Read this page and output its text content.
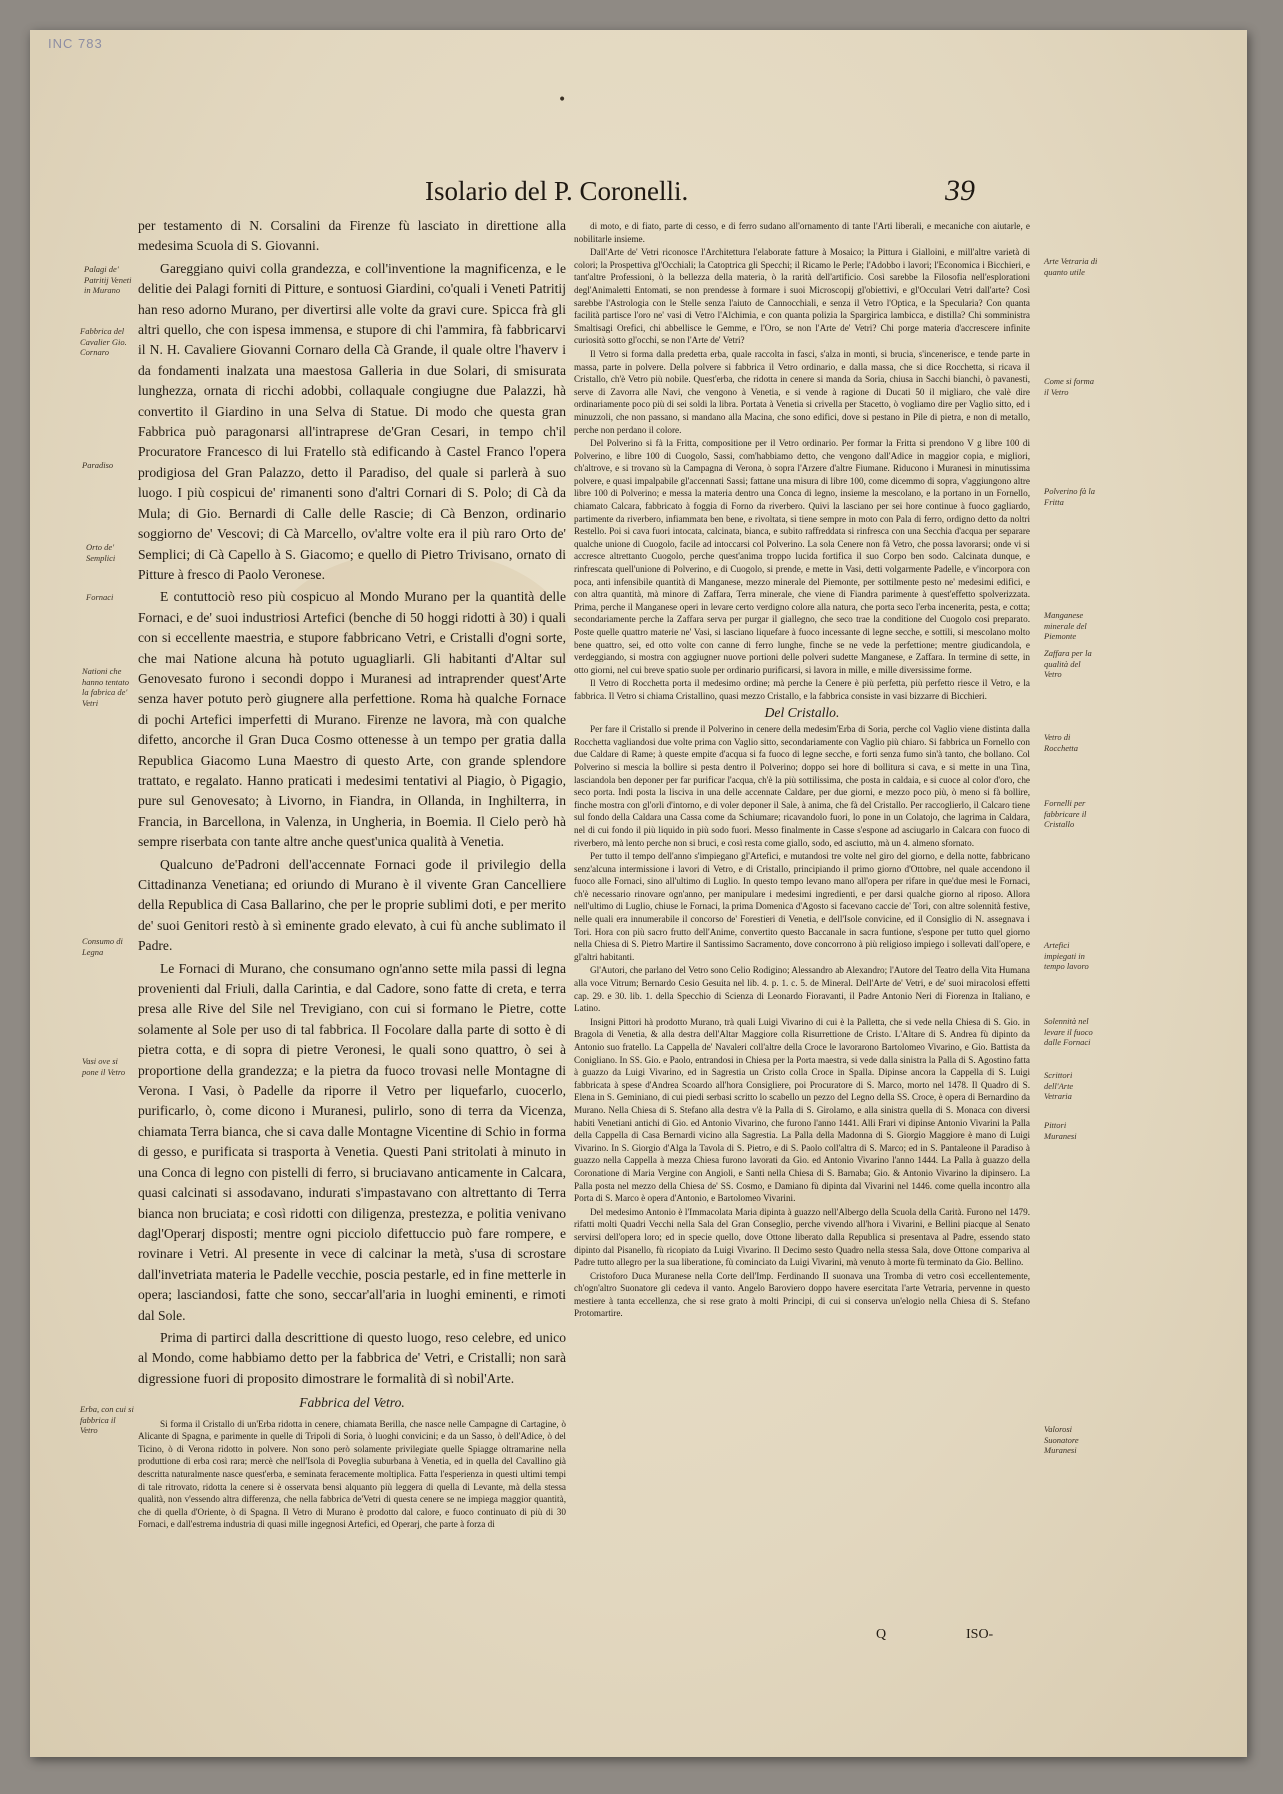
INC 783
•
Isolario del P. Coronelli.	39

per testamento di N. Corsalini da Firenze fù lasciato in direttione alla medesima Scuola di S. Giovanni.

Gareggiano quivi colla grandezza, e coll'inventione la magnificenza, e le delitie dei Palagi forniti di Pitture, e sontuosi Giardini, co'quali i Veneti Patritij han reso adorno Murano, per divertirsi alle volte da gravi cure. Spicca frà gli altri quello, che con ispesa immensa, e stupore di chi l'ammira, fà fabbricarvi il N. H. Cavaliere Giovanni Cornaro della Cà Grande, il quale oltre l'haverv i da fondamenti inalzata una maestosa Galleria in due Solari, di smisurata lunghezza, ornata di ricchi adobbi, collaquale congiugne due Palazzi, hà convertito il Giardino in una Selva di Statue. Di modo che questa gran Fabbrica può paragonarsi all'intraprese de'Gran Cesari, in tempo ch'il Procuratore Francesco di lui Fratello stà edificando à Castel Franco l'opera prodigiosa del Gran Palazzo, detto il Paradiso, del quale si parlerà à suo luogo. I più cospicui de' rimanenti sono d'altri Cornari di S. Polo; di Cà da Mula; di Gio. Bernardi di Calle delle Rascie; di Cà Benzon, ordinario soggiorno de' Vescovi; di Cà Marcello, ov'altre volte era il più raro Orto de' Semplici; di Cà Capello à S. Giacomo; e quello di Pietro Trivisano, ornato di Pitture à fresco di Paolo Veronese.

E contuttociò reso più cospicuo al Mondo Murano per la quantità delle Fornaci, e de' suoi industriosi Artefici (benche di 50 hoggi ridotti à 30) i quali con si eccellente maestria, e stupore fabbricano Vetri, e Cristalli d'ogni sorte, che mai Natione alcuna hà potuto uguagliarli. Gli habitanti d'Altar sul Genovesato furono i secondi doppo i Muranesi ad intraprender quest'Arte senza haver potuto però giugnere alla perfettione. Roma hà qualche Fornace di pochi Artefici imperfetti di Murano. Firenze ne lavora, mà con qualche difetto, ancorche il Gran Duca Cosmo ottenesse à un tempo per gratia dalla Republica Giacomo Luna Maestro di questo Arte, con grande splendore trattato, e regalato. Hanno praticati i medesimi tentativi al Piagio, ò Pigagio, pure sul Genovesato; à Livorno, in Fiandra, in Ollanda, in Inghilterra, in Francia, in Barcellona, in Valenza, in Ungheria, in Boemia. Il Cielo però hà sempre riserbata con tante altre anche quest'unica qualità à Venetia.

Qualcuno de'Padroni dell'accennate Fornaci gode il privilegio della Cittadinanza Venetiana; ed oriundo di Murano è il vivente Gran Cancelliere della Republica di Casa Ballarino, che per le proprie sublimi doti, e per merito de' suoi Genitori restò à sì eminente grado elevato, à cui fù anche sublimato il Padre.

Le Fornaci di Murano, che consumano ogn'anno sette mila passi di legna provenienti dal Friuli, dalla Carintia, e dal Cadore, sono fatte di creta, e terra presa alle Rive del Sile nel Trevigiano, con cui si formano le Pietre, cotte solamente al Sole per uso di tal fabbrica. Il Focolare dalla parte di sotto è di pietra cotta, e di sopra di pietre Veronesi, le quali sono quattro, ò sei à proportione della grandezza; e la pietra da fuoco trovasi nelle Montagne di Verona. I Vasi, ò Padelle da riporre il Vetro per liquefarlo, cuocerlo, purificarlo, ò, come dicono i Muranesi, pulirlo, sono di terra da Vicenza, chiamata Terra bianca, che si cava dalle Montagne Vicentine di Schio in forma di gesso, e purificata si trasporta à Venetia. Questi Pani stritolati à minuto in una Conca di legno con pistelli di ferro, si bruciavano anticamente in Calcara, quasi calcinati si assodavano, indurati s'impastavano con altrettanto di Terra bianca non bruciata; e così ridotti con diligenza, prestezza, e politia venivano dagl'Operarj disposti; mentre ogni picciolo difettuccio può fare rompere, e rovinare i Vetri. Al presente in vece di calcinar la metà, s'usa di scrostare dall'invetriata materia le Padelle vecchie, poscia pestarle, ed in fine metterle in opera; lasciandosi, fatte che sono, seccar'all'aria in luoghi eminenti, e rimoti dal Sole.

Prima di partirci dalla descrittione di questo luogo, reso celebre, ed unico al Mondo, come habbiamo detto per la fabbrica de' Vetri, e Cristalli; non sarà digressione fuori di proposito dimostrare le formalità di sì nobil'Arte.

Fabbrica del Vetro.

Si forma il Cristallo di un'Erba ridotta in cenere, chiamata Berilla, che nasce nelle Campagne di Cartagine, ò Alicante di Spagna, e parimente in quelle di Tripoli di Soria, ò luoghi convicini; e da un Sasso, ò dell'Adice, ò del Ticino, ò di Verona ridotto in polvere. Non sono però solamente privilegiate quelle Spiagge oltramarine nella produttione di erba così rara; mercè che nell'Isola di Poveglia suburbana à Venetia, ed in quella del Cavallino già descritta naturalmente nasce quest'erba, e seminata feracemente moltiplica. Fatta l'esperienza in questi ultimi tempi di tale ritrovato, ridotta la cenere si è osservata bensì alquanto più leggera di quella di Levante, mà della stessa qualità, non v'essendo altra differenza, che nella fabbrica de'Vetri di questa cenere se ne impiega maggior quantità, che di quella d'Oriente, ò di Spagna. Il Vetro di Murano è prodotto dal calore, e fuoco continuato di più di 30 Fornaci, e dall'estrema industria di quasi mille ingegnosi Artefici, ed Operarj, che parte à forza di

di moto, e di fiato, parte di cesso, e di ferro sudano all'ornamento di tante l'Arti liberali, e mecaniche con aiutarle, e nobilitarle insieme.

Dall'Arte de' Vetri riconosce l'Architettura l'elaborate fatture à Mosaico; la Pittura i Gialloini, e mill'altre varietà di colori; la Prospettiva gl'Occhiali; la Catoptrica gli Specchi; il Ricamo le Perle; l'Adobbo i lavori; l'Economica i Bicchieri, e tant'altre Professioni, ò la bellezza della materia, ò la rarità dell'artificio. Così sarebbe la Filosofia nell'esplorationi degl'Animaletti Entomati, se non prendesse à formare i suoi Microscopij gl'obiettivi, e gl'Occulari Vetri dall'arte? Così sarebbe l'Astrologia con le Stelle senza l'aiuto de Cannocchiali, e senza il Vetro l'Optica, e la Specularia? Con quanta facilità partisce l'oro ne' vasi di Vetro l'Alchimia, e con quanta polizia la Spargirica lambicca, e distilla? Chi somministra Smaltisagi Orefici, chi abbellisce le Gemme, e l'Oro, se non l'Arte de' Vetri? Chi porge materia d'accrescere infinite curiosità sotto gl'occhi, se non l'Arte de' Vetri?

Il Vetro si forma dalla predetta erba, quale raccolta in fasci, s'alza in monti, si brucia, s'incenerisce, e tende parte in massa, parte in polvere. Della polvere si fabbrica il Vetro ordinario, e dalla massa, che si dice Rocchetta, si ricava il Cristallo, ch'è Vetro più nobile. Quest'erba, che ridotta in cenere si manda da Soria, chiusa in Sacchi bianchi, ò pavanesti, serve di Zavorra alle Navi, che vengono à Venetia, e si vende à ragione di Ducati 50 il migliaro, che valè dire ordinariamente poco più di sei soldi la libra. Portata à Venetia si crivella per Stacetto, ò vogliamo dire per Vaglio sitto, ed i minuzzoli, che non passano, si mandano alla Macina, che sono edifici, dove si pestano in Pile di pietra, e non di metallo, perche non perdano il colore.

Del Polverino si fà la Fritta, compositione per il Vetro ordinario. Per formar la Fritta si prendono V g libre 100 di Polverino, e libre 100 di Cuogolo, Sassi, com'habbiamo detto, che vengono dall'Adice in maggior copia, e migliori, ch'altrove, e si trovano sù la Campagna di Verona, ò sopra l'Arzere d'altre Fiumane. Riducono i Muranesi in minutissima polvere, e quasi impalpabile gl'accennati Sassi; fattane una misura di libre 100, come dicemmo di sopra, v'aggiungono altre libre 100 di Polverino; e messa la materia dentro una Conca di legno, insieme la mescolano, e la portano in un Fornello, chiamato Calcara, fabbricato à foggia di Forno da riverbero. Quivi la lasciano per sei hore continue à fuoco gagliardo, partimente da riverbero, infiammata ben bene, e rivoltata, si tiene sempre in moto con Pala di ferro, ordigno detto da noltri Restello. Poi si cava fuori intocata, calcinata, bianca, e subito raffreddata si rinfresca con una Secchia d'acqua per separare qualche unione di Cuogolo, facile ad intoccarsi col Polverino. La sola Cenere non fà Vetro, che possa lavorarsi; onde vi si accresce altrettanto Cuogolo, perche quest'anima troppo lucida fortifica il suo Corpo ben sodo. Calcinata dunque, e rinfrescata quell'unione di Polverino, e di Cuogolo, si prende, e mette in Vasi, detti volgarmente Padelle, e v'incorpora con poca, anti infensibile quantità di Manganese, mezzo minerale del Piemonte, per sottilmente pesto ne' medesimi edifici, e con altra quantità, mà minore di Zaffara, Terra minerale, che viene di Fiandra parimente à quest'effetto spolverizzata. Prima, perche il Manganese operi in levare certo verdigno colore alla natura, che porta seco l'erba incenerita, pesta, e cotta; secondariamente perche la Zaffara serva per purgar il giallegno, che seco trae la conditione del Cuogolo cosi preparato. Poste quelle quattro materie ne' Vasi, si lasciano liquefare à fuoco incessante di legne secche, e sottili, si mescolano molto bene quattro, sei, ed otto volte con canne di ferro lunghe, finche se ne vede la perfettione; mentre giudicandola, e verdeggiando, si mostra con aggiugner nuove portioni delle polveri sudette Manganese, e Zaffara. In termine di sette, in otto giorni, nel cui breve spatio suole per ordinario purificarsi, si lavora in mille, e mille diversissime forme.

Il Vetro di Rocchetta porta il medesimo ordine; mà perche la Cenere è più perfetta, più perfetto riesce il Vetro, e la fabbrica. Il Vetro si chiama Cristallino, quasi mezzo Cristallo, e la fabbrica consiste in vasi bizzarre di Bicchieri.

Del Cristallo.

Per fare il Cristallo si prende il Polverino in cenere della medesim'Erba di Soria, perche col Vaglio viene distinta dalla Rocchetta vagliandosi due volte prima con Vaglio sitto, secondariamente con Vaglio più chiaro. Si fabbrica un Fornello con due Caldare di Rame; à queste empite d'acqua si fa fuoco di legne secche, e forti senza fumo sin'à tanto, che bollano. Col Polverino si mescia la bollire si pesta dentro il Polverino; doppo sei hore di bollitura si cava, e si mette in una Tina, lasciandola ben deponer per far purificar l'acqua, ch'è la più sottilissima, che posta in caldaia, e si cuoce al color d'oro, che seco porta. Indi posta la lisciva in una delle accennate Caldare, per due giorni, e mezzo poco più, ò meno si fà bollire, finche mostra con gl'orli d'intorno, e di voler deponer il Sale, à anima, che fà del Cristallo. Per raccoglierlo, il Calcaro tiene sul fondo della Caldara una Cassa come da Schiumare; ricavandolo fuori, lo pone in un Colatojo, che lagrima in Caldara, nel di cui fondo il più liquido in più sodo fuori. Messo finalmente in Casse s'espone ad asciugarlo in Calcara con fuoco di riverbero, mà lento perche non si bruci, e così resta come giallo, sodo, ed asciutto, mà un 4. almeno sfornato.

Per tutto il tempo dell'anno s'impiegano gl'Artefici, e mutandosi tre volte nel giro del giorno, e della notte, fabbricano senz'alcuna intermissione i lavori di Vetro, e di Cristallo, principiando il primo giorno d'Ottobre, nel quale accendono il fuoco alle Fornaci, sino all'ultimo di Luglio. In questo tempo levano mano all'opera per rifare in que'due mesi le Fornaci, ch'è necessario rinovare ogn'anno, per manipulare i medesimi ingredienti, e per darsi qualche giorno al riposo. Allora nell'ultimo di Luglio, chiuse le Fornaci, la prima Domenica d'Agosto si facevano caccie de' Tori, con altre solennità festive, nelle quali era innumerabile il concorso de' Forestieri di Venetia, e dell'Isole convicine, ed il Consiglio di N. assegnava i Tori. Hora con più sacro frutto dell'Anime, convertito questo Baccanale in sacra funtione, s'espone per tutto quel giorno nella Chiesa di S. Pietro Martire il Santissimo Sacramento, dove concorrono à più religioso impiego i sollevati dall'opere, e gl'altri habitanti.

Gl'Autori, che parlano del Vetro sono Celio Rodigino; Alessandro ab Alexandro; l'Autore del Teatro della Vita Humana alla voce Vitrum; Bernardo Cesio Gesuita nel lib. 4. p. 1. c. 5. de Mineral. Dell'Arte de' Vetri, e de' suoi miracolosi effetti cap. 29. e 30. lib. 1. della Specchio di Scienza di Leonardo Fioravanti, il Padre Antonio Neri di Fiorenza in Italiano, e Latino.

Insigni Pittori hà prodotto Murano, trà quali Luigi Vivarino di cui è la Palletta, che si vede nella Chiesa di S. Gio. in Bragola di Venetia, & alla destra dell'Altar Maggiore colla Risurrettione de Cristo. L'Altare di S. Andrea fù dipinto da Antonio suo fratello. La Cappella de' Navaleri coll'altre della Croce le lavorarono Bartolomeo Vivarino, e Gio. Battista da Conigliano. In SS. Gio. e Paolo, entrandosi in Chiesa per la Porta maestra, si vede dalla sinistra la Palla di S. Agostino fatta à guazzo da Luigi Vivarino, ed in Sagrestia un Cristo colla Croce in Spalla. Dipinse ancora la Cappella di S. Luigi fabbricata à spese d'Andrea Scoardo all'hora Consigliere, poi Procuratore di S. Marco, morto nel 1478. Il Quadro di S. Elena in S. Geminiano, di cui piedi serbasi scritto lo scabello un pezzo del Legno della SS. Croce, è opera di Bernardino da Murano. Nella Chiesa di S. Stefano alla destra v'è la Palla di S. Girolamo, e alla sinistra quella di S. Monaca con diversi habiti Venetiani antichi di Gio. ed Antonio Vivarino, che furono l'anno 1441. Alli Frari vi dipinse Antonio Vivarini la Palla della Cappella di Casa Bernardi vicino alla Sagrestia. La Palla della Madonna di S. Giorgio Maggiore è mano di Luigi Vivarino. In S. Giorgio d'Alga la Tavola di S. Pietro, e di S. Paolo coll'altra di S. Marco; ed in S. Pantaleone il Paradiso à guazzo nella Cappella à mezza Chiesa furono lavorati da Gio. ed Antonio Vivarino l'anno 1444. La Palla à guazzo della Coronatione di Maria Vergine con Angioli, e Santi nella Chiesa di S. Barnaba; Gio. & Antonio Vivarino la dipinsero. La Palla posta nel mezzo della Chiesa de' SS. Cosmo, e Damiano fù dipinta dal Vivarini nel 1446. come quella incontro alla Porta di S. Marco è opera d'Antonio, e Bartolomeo Vivarini.

Del medesimo Antonio è l'Immacolata Maria dipinta à guazzo nell'Albergo della Scuola della Carità. Furono nel 1479. rifatti molti Quadri Vecchi nella Sala del Gran Conseglio, perche vivendo all'hora i Vivarini, e Bellini piacque al Senato servirsi dell'opera loro; ed in specie quello, dove Ottone liberato dalla Republica si presentava al Padre, essendo stato dipinto dal Pisanello, fù ricopiato da Luigi Vivarino. Il Decimo sesto Quadro nella stessa Sala, dove Ottone compariva al Padre tutto allegro per la sua liberatione, fù cominciato da Luigi Vivarini, mà venuto à morte fù terminato da Gio. Bellino.

Cristoforo Duca Muranese nella Corte dell'Imp. Ferdinando II suonava una Tromba di vetro così eccellentemente, ch'ogn'altro Suonatore gli cedeva il vanto. Angelo Baroviero doppo havere esercitata l'arte Vetraria, pervenne in questo mestiere à tanta eccellenza, che si rese grato à molti Principi, di cui si conserva un'elogio nella Chiesa di S. Stefano Protomartire.

Q	ISO-
Palagi de' Patritij Veneti in Murano
Fabbrica del Cavalier Gio. Cornaro
Paradiso
Orto de' Semplici
Fornaci
Nationi che hanno tentato la fabrica de' Vetri
Consumo di Legna
Vasi ove si pone il Vetro
Erba, con cui si fabbrica il Vetro
Arte Vetraria di quanto utile
Come si forma il Vetro
Polverino fà la Fritta
Manganese minerale del Piemonte
Zaffara per la qualità del Vetro
Vetro di Rocchetta
Fornelli per fabbricare il Cristallo
Artefici impiegati in tempo lavoro
Solennità nel levare il fuoco dalle Fornaci
Scrittori dell'Arte Vetraria
Pittori Muranesi
Valorosi Suonatore Muranesi
